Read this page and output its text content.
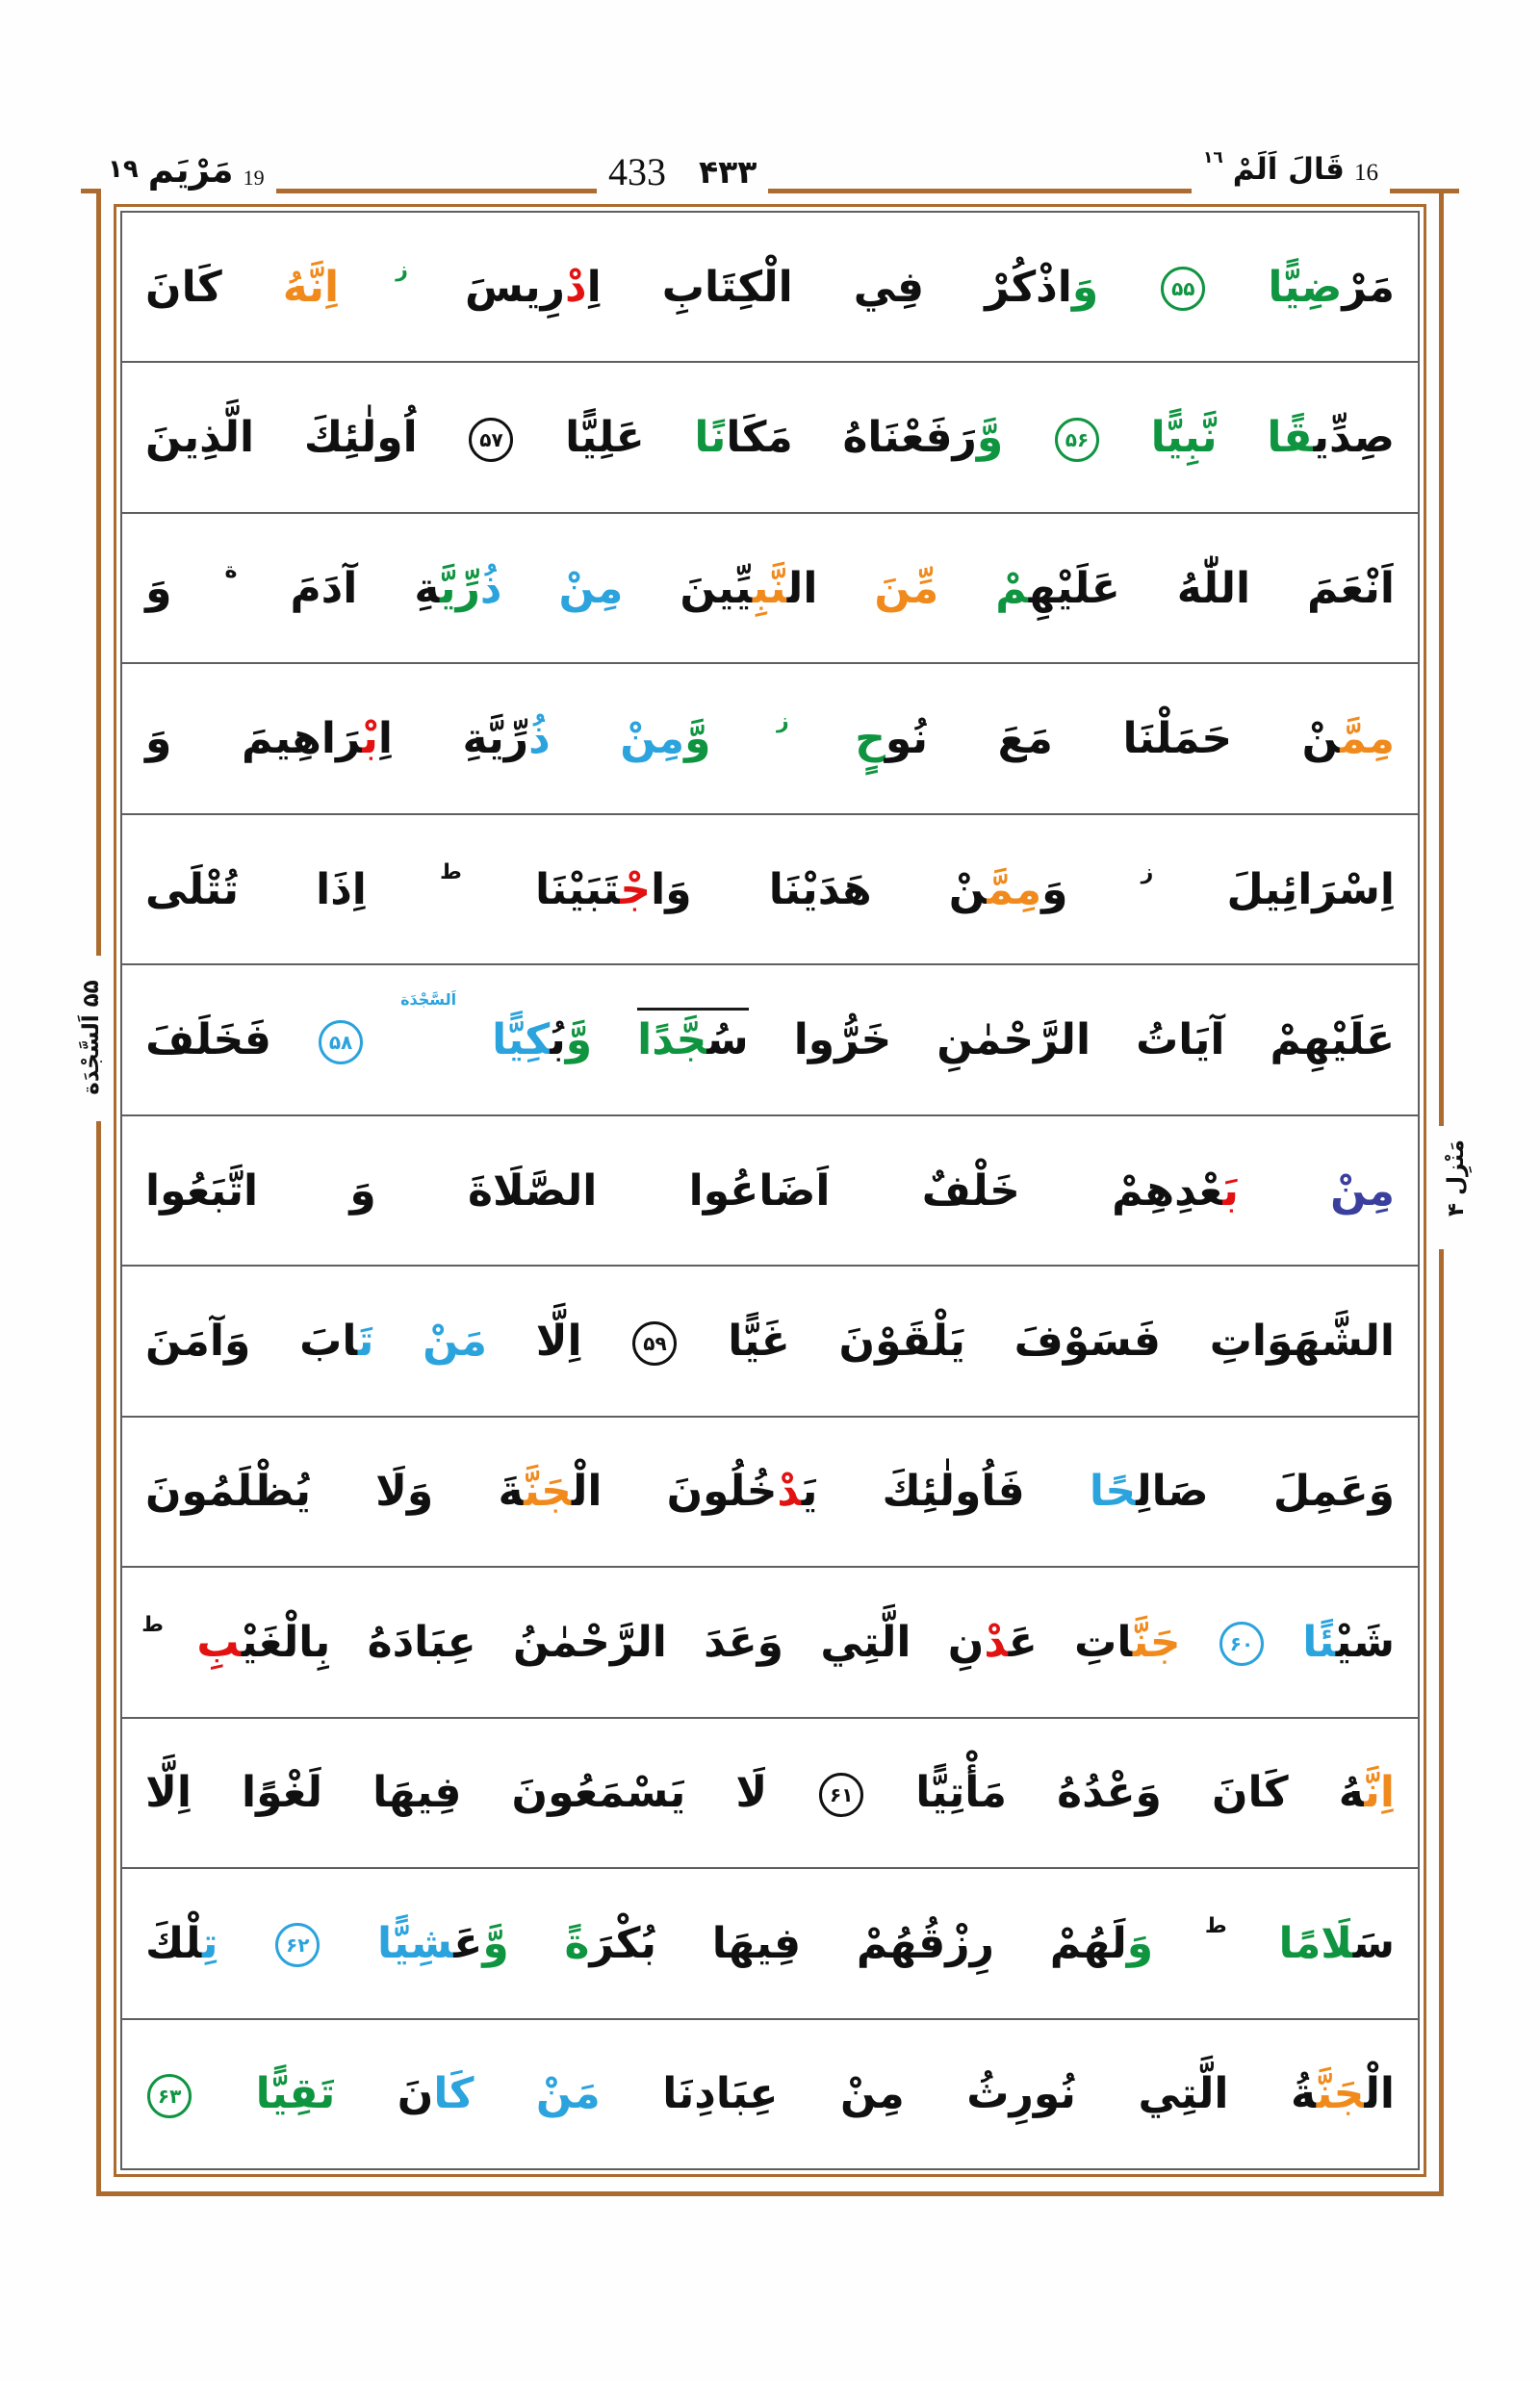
19
مَرْيَم
١٩	۴۳۳
433	16
قَالَ اَلَمْ
١٦
۵۵ اَلسَّجْدَة
مَنْزِل ۴
مَرْضِيًّا
۵۵
وَاذْكُرْ
فِي
الْكِتَابِ
اِدْرِيسَ
ز
اِنَّهُ
كَانَ
صِدِّيقًا
نَّبِيًّا
۵۶
وَّرَفَعْنَاهُ
مَكَانًا
عَلِيًّا
۵۷
اُولٰئِكَ
الَّذِينَ
اَنْعَمَ
اللّٰهُ
عَلَيْهِمْ
مِّنَ
النَّبِيِّينَ
مِنْ
ذُرِّيَّةِ
آدَمَ
ة
وَ
مِمَّنْ
حَمَلْنَا
مَعَ
نُوحٍ
ز
وَّمِنْ
ذُرِّيَّةِ
اِبْرَاهِيمَ
وَ
اِسْرَائِيلَ
ز
وَمِمَّنْ
هَدَيْنَا
وَاجْتَبَيْنَا
ط
اِذَا
تُتْلَى
عَلَيْهِمْ
آيَاتُ
الرَّحْمٰنِ
خَرُّوا
سُجَّدًا
وَّبُكِيًّا
اَلسَّجْدَة
۵۸
فَخَلَفَ
مِنْ
بَعْدِهِمْ
خَلْفٌ
اَضَاعُوا
الصَّلَاةَ
وَ
اتَّبَعُوا
الشَّهَوَاتِ
فَسَوْفَ
يَلْقَوْنَ
غَيًّا
۵۹
اِلَّا
مَنْ
تَابَ
وَآمَنَ
وَعَمِلَ
صَالِحًا
فَاُولٰئِكَ
يَدْخُلُونَ
الْجَنَّةَ
وَلَا
يُظْلَمُونَ
شَيْئًا
۶۰
جَنَّاتِ
عَدْنِ
الَّتِي
وَعَدَ
الرَّحْمٰنُ
عِبَادَهُ
بِالْغَيْبِ
ط
اِنَّهُ
كَانَ
وَعْدُهُ
مَأْتِيًّا
۶۱
لَا
يَسْمَعُونَ
فِيهَا
لَغْوًا
اِلَّا
سَلَامًا
ط
وَلَهُمْ
رِزْقُهُمْ
فِيهَا
بُكْرَةً
وَّعَشِيًّا
۶۲
تِلْكَ
الْجَنَّةُ
الَّتِي
نُورِثُ
مِنْ
عِبَادِنَا
مَنْ
كَانَ
تَقِيًّا
۶۳
